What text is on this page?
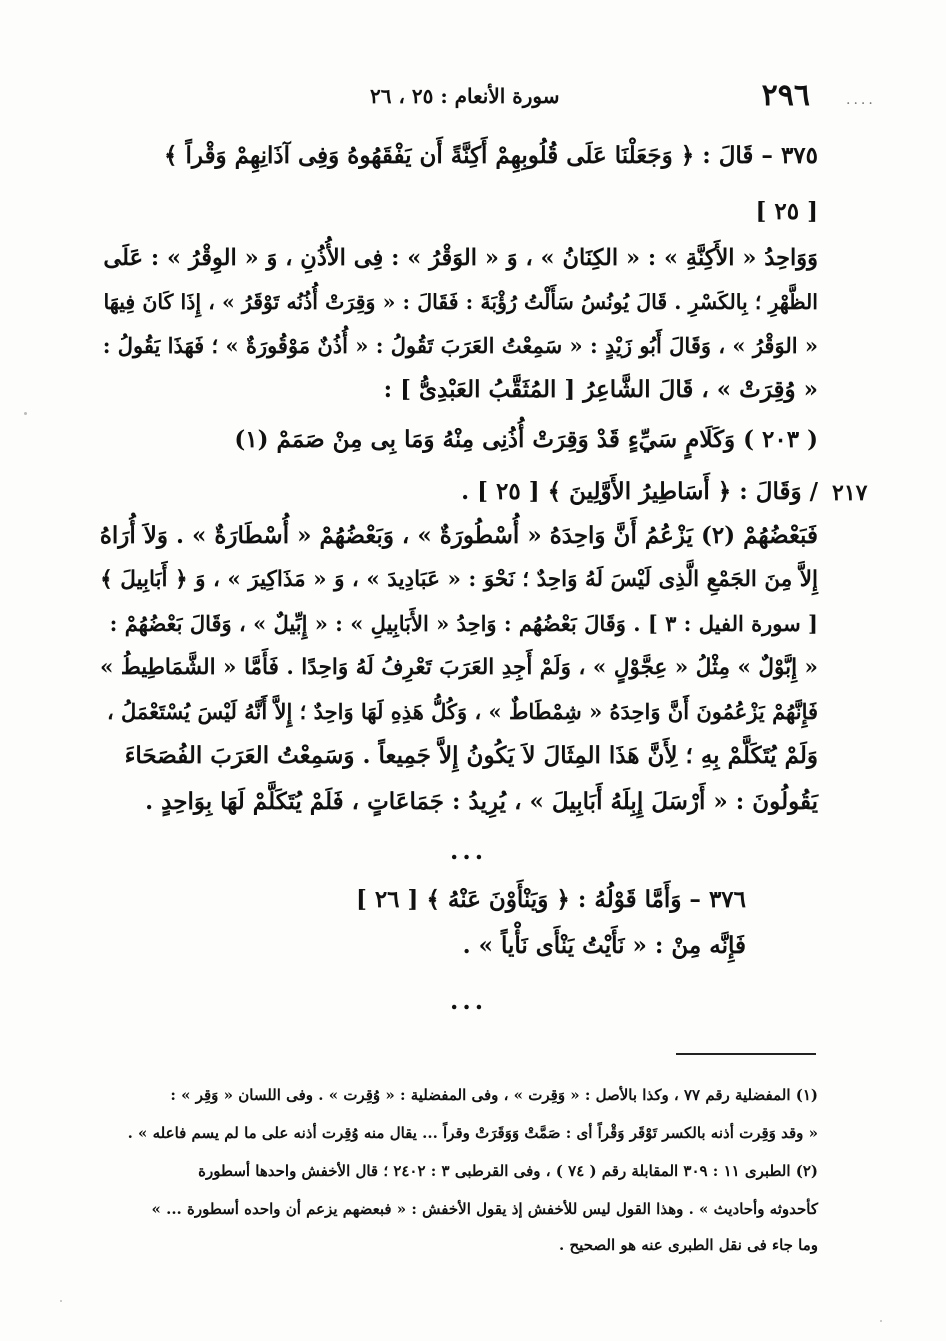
....
٢٩٦
سورة الأنعام : ٢٥ ، ٢٦
٢١٧
٣٧٥ – قَالَ : ﴿ وَجَعَلْنَا عَلَى قُلُوبِهِمْ أَكِنَّةً أَن يَفْقَهُوهُ وَفِى آذَانِهِمْ وَقْراً ﴾
[ ٢٥ ]
وَوَاحِدُ « الأَكِنَّةِ » : « الكِنَانُ » ، وَ « الوَقْرُ » : فِى الأُذُنِ ، وَ « الوِقْرُ » : عَلَى
الظَّهْرِ ؛ بِالكَسْرِ . قَالَ يُونُسُ سَأَلْتُ رُؤْبَةَ : فَقَالَ : « وَقِرَتْ أُذُنُه تَوْقَرُ » ، إِذَا كَانَ فِيهَا
« الوَقْرُ » ، وَقَالَ أَبُو زَيْدٍ : « سَمِعْتُ العَرَبَ تَقُولُ : « أُذُنٌ مَوْقُورَةٌ » ؛ فَهَذَا يَقُولُ :
« وُقِرَتْ » ، قَالَ الشَّاعِرُ [ المُثَقَّبُ العَبْدِىُّ ] :
( ٢٠٣ ) وَكَلَامٍ سَيِّءٍ قَدْ وَقِرَتْ أُذُنِى مِنْهُ وَمَا بِى مِنْ صَمَمْ (١)
/ وَقَالَ : ﴿ أَسَاطِيرُ الأَوَّلِينَ ﴾ [ ٢٥ ] .
فَبَعْضُهُمْ (٢) يَزْعُمُ أَنَّ وَاحِدَهُ « أُسْطُورَةٌ » ، وَبَعْضُهُمْ « أُسْطَارَةٌ » . وَلاَ أُرَاهُ
إِلاَّ مِنَ الجَمْعِ الَّذِى لَيْسَ لَهُ وَاحِدٌ ؛ نَحْوَ : « عَبَادِيدَ » ، وَ « مَذَاكِيرَ » ، وَ ﴿ أَبَابِيلَ ﴾
[ سورة الفيل : ٣ ] . وَقَالَ بَعْضُهُم : وَاحِدُ « الأَبَابِيلِ » : « إِبِّيلٌ » ، وَقَالَ بَعْضُهُمْ :
« إِبَّوْلٌ » مِثْلُ « عِجَّوْلٍ » ، وَلَمْ أَجِدِ العَرَبَ تَعْرِفُ لَهُ وَاحِدًا . فَأَمَّا « الشَّمَاطِيطُ »
فَإِنَّهُمْ يَزْعُمُونَ أَنَّ وَاحِدَهُ « شِمْطَاطٌ » ، وَكُلُّ هَذِهِ لَهَا وَاحِدٌ ؛ إِلاَّ أَنَّهُ لَيْسَ يُسْتَعْمَلُ ،
وَلَمْ يُتَكَلَّمْ بِهِ ؛ لِأَنَّ هَذَا المِثَالَ لاَ يَكُونُ إِلاَّ جَمِيعاً . وَسَمِعْتُ العَرَبَ الفُصَحَاءَ
يَقُولُونَ : « أَرْسَلَ إِبِلَهُ أَبَابِيلَ » ، يُرِيدُ : جَمَاعَاتٍ ، فَلَمْ يُتَكَلَّمْ لَهَا بِوَاحِدٍ .
...
٣٧٦ – وَأَمَّا قَوْلُهُ : ﴿ وَيَنْأَوْنَ عَنْهُ ﴾ [ ٢٦ ]
فَإِنَّه مِنْ : « نَأَيْتُ يَنْأَى نَأْياً » .
...
(١) المفضلية رقم ٧٧ ، وكذا بالأصل : « وَقِرت » ، وفى المفضلية : « وُقِرت » . وفى اللسان « وَقِر » :
« وقد وَقِرت أذنه بالكسر تَوْقَر وَقْراً أى : صَمَّتْ وَوَقَرَتْ وقراً ... يقال منه وُقِرت أذنه على ما لم يسم فاعله » .
(٢) الطبرى ١١ : ٣٠٩ المقابلة رقم ( ٧٤ ) ، وفى القرطبى ٣ : ٢٤٠٢ ؛ قال الأخفش واحدها أسطورة
كأحدوثه وأحاديث » . وهذا القول ليس للأخفش إذ يقول الأخفش : « فبعضهم يزعم أن واحده أسطورة ... »
وما جاء فى نقل الطبرى عنه هو الصحيح .
